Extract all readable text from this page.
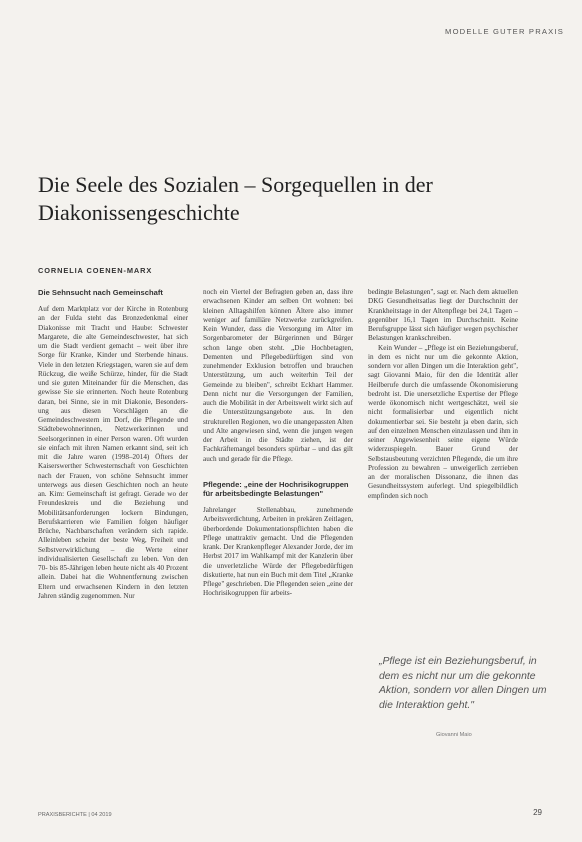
MODELLE GUTER PRAXIS
Die Seele des Sozialen – Sorgequellen in der Diakonissengeschichte
CORNELIA COENEN-MARX
Die Sehnsucht nach Gemeinschaft

Auf dem Marktplatz vor der Kirche in Rotenburg an der Fulda steht das Bronzedenkmal einer Diakonisse mit Tracht und Haube: Schwester Margarete, die alte Gemeindeschwester, hat sich um die Stadt verdient gemacht – weit über ihre Sorge für Kranke, Kinder und Sterbende hinaus. Viele in den letzten Kriegstagen, waren sie auf dem Rückzug, die weiße Schürze, hinder, für die Stadt und sie guten Miteinander für die Menschen, das gewisse Sie sie erinnerten. Noch heute Rotenburg daran, bei Sinne, sie in mit Diakonie, Besonders-ung aus diesen Vorschlägen an die Gemeindeschwestern im Dorf, die Pflegende und Städtebewohnerinnen, Netzwerkerinnen und Seelsorgerinnen in einer Person waren. Oft wurden sie einfach mit ihren Namen erkannt sind, seit ich mit die Jahre waren (1998–2014) Öfters der Kaiserswerther Schwesternschaft von Geschichten nach der Frauen, von schöne Sehnsucht immer unterwegs aus diesen Geschichten noch an heute an. Kim: Gemeinschaft ist gefragt. Gerade wo der Freundeskreis und die Beziehung und Mobilitätsanforderungen lockern Bindungen, Berufskarrieren wie Familien folgen häufiger Brüche, Nachbarschaften verändern sich rapide. Alleinleben scheint der beste Weg, Freiheit und Selbstverwirklichung – die Werte einer individualisierten Gesellschaft zu leben. Von den 70- bis 85-Jährigen leben heute nicht als 40 Prozent allein. Dabei hat die Wohnentfernung zwischen Eltern und erwachsenen Kindern in den letzten Jahren ständig zugenommen. Nur

noch ein Viertel der Befragten geben an, dass ihre erwachsenen Kinder am selben Ort wohnen: bei kleinen Alltagshilfen können Ältere also immer weniger auf familiäre Netzwerke zurückgreifen. Kein Wunder, dass die Versorgung im Alter im Sorgenbarometer der Bürgerinnen und Bürger schon lange oben steht. „Die Hochbetagten, Dementen und Pflegebedürftigen sind von zunehmender Exklusion betroffen und brauchen Unterstützung, um auch weiterhin Teil der Gemeinde zu bleiben", schreibt Eckhart Hammer. Denn nicht nur die Versorgungen der Familien, auch die Mobilität in der Arbeitswelt wirkt sich auf die Unterstützungsangebote aus. In den strukturellen Regionen, wo die unangepassten Alten und Alte angewiesen sind, wenn die jungen wegen der Arbeit in die Städte ziehen, ist der Fachkräftemangel besonders spürbar – und das gilt auch und gerade für die Pflege.

Pflegende: „eine der Hochrisikogruppen für arbeitsbedingte Belastungen"

Jahrelanger Stellenabbau, zunehmende Arbeitsverdichtung, Arbeiten in prekären Zeitlagen, überbordende Dokumentationspflichten haben die Pflege unattraktiv gemacht. Und die Pflegenden krank. Der Krankenpfleger Alexander Jorde, der im Herbst 2017 im Wahlkampf mit der Kanzlerin über die unverletzliche Würde der Pflegebedürftigen diskutierte, hat nun ein Buch mit dem Titel „Kranke Pflege" geschrieben. Die Pflegenden seien „eine der Hochrisikogruppen für arbeits-

bedingte Belastungen", sagt er. Nach dem aktuellen DKG Gesundheitsatlas liegt der Durchschnitt der Krankheitstage in der Altenpflege bei 24,1 Tagen – gegenüber 16,1 Tagen im Durchschnitt. Keine Berufsgruppe lässt sich häufiger wegen psychischer Belastungen krankschreiben.

Kein Wunder – „Pflege ist ein Beziehungsberuf, in dem es nicht nur um die gekonnte Aktion, sondern vor allen Dingen um die Interaktion geht", sagt Giovanni Maio, für den die Identität aller Heilberufe durch die umfassende Ökonomisierung bedroht ist. Die unersetzliche Expertise der Pflege werde ökonomisch nicht wertgeschätzt, weil sie nicht formalisierbar und eigentlich nicht dokumentierbar sei. Sie besteht ja eben darin, sich auf den einzelnen Menschen einzulassen und ihm in seiner Angewiesenheit seine eigene Würde widerzuspiegeln. Bauer Grund der Selbstausbeutung verzichten Pflegende, die um ihre Profession zu bewahren – unweigerlich zerrieben an der moralischen Dissonanz, die ihnen das Gesundheitssystem auferlegt. Und spiegelbildlich empfinden sich noch

„Pflege ist ein Beziehungsberuf, in dem es nicht nur um die gekonnte Aktion, sondern vor allen Dingen um die Interaktion geht."
Giovanni Maio
PRAXISBERICHTE | 04 2019	29
